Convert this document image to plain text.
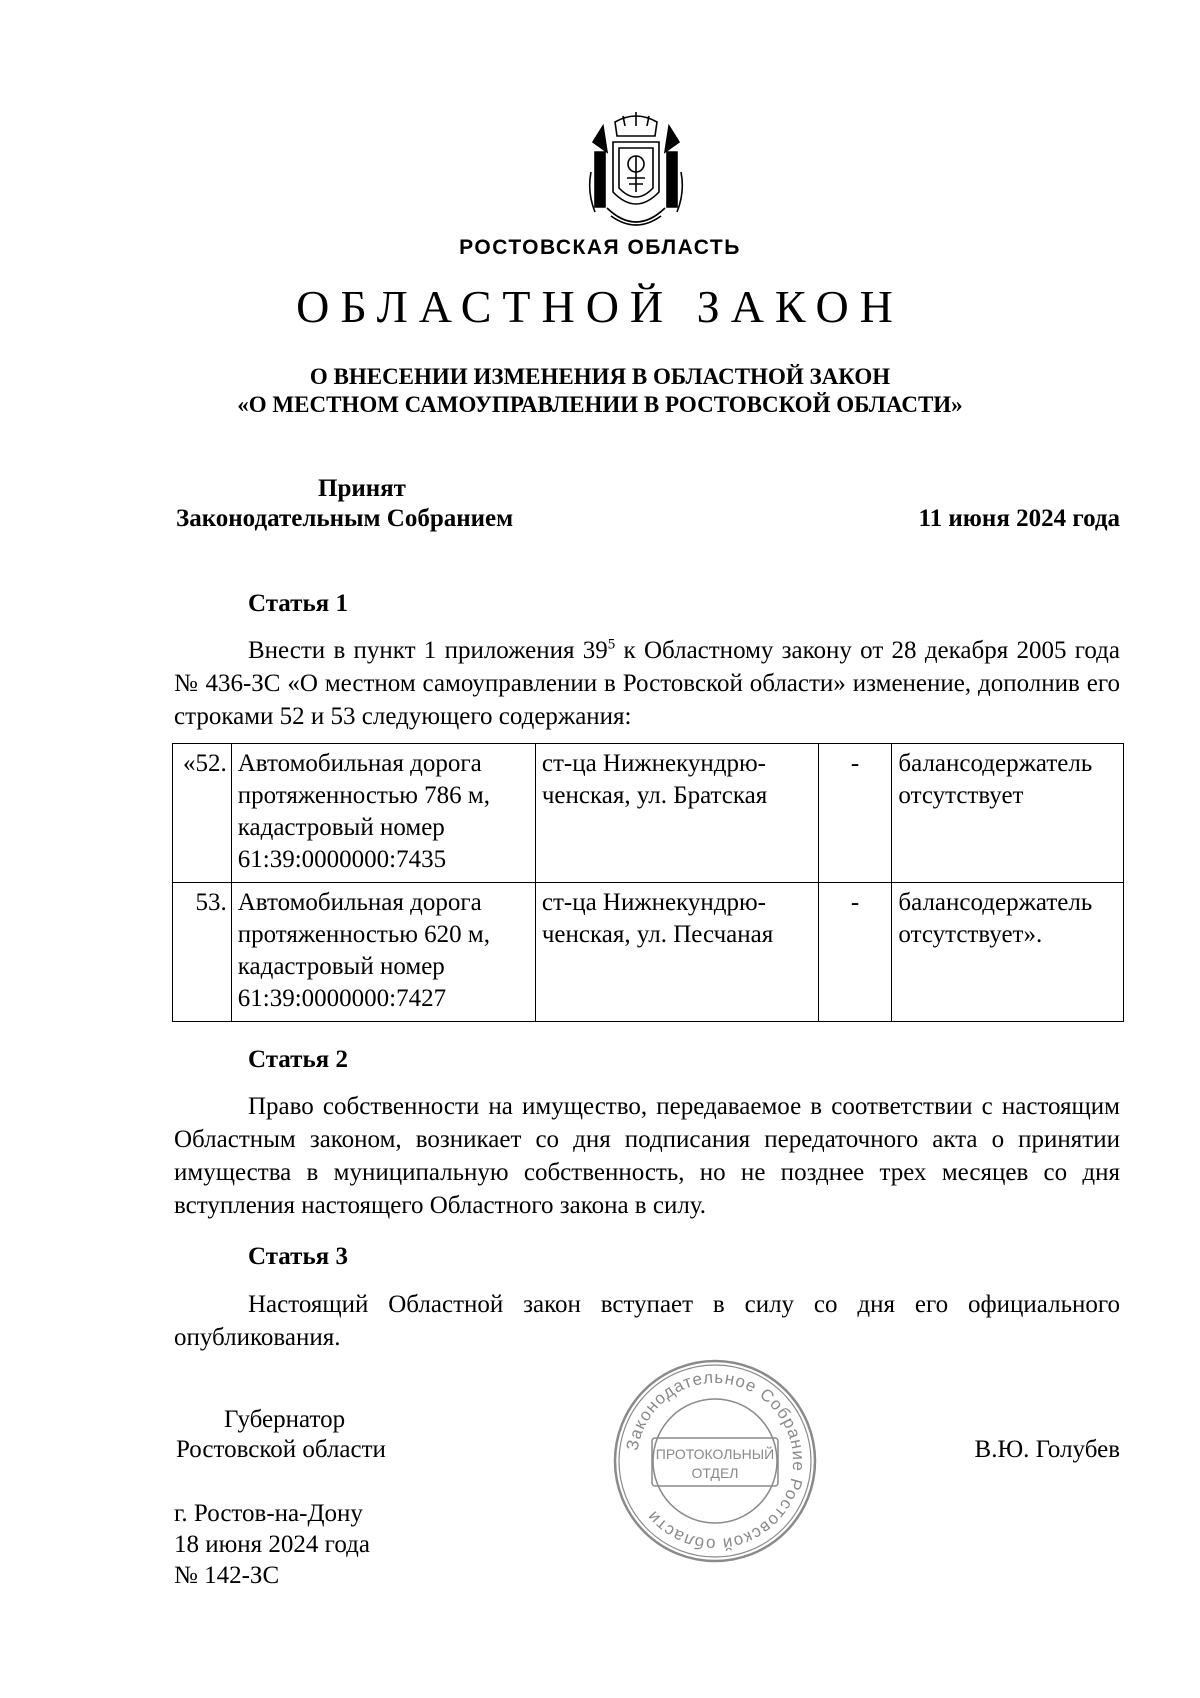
РОСТОВСКАЯ ОБЛАСТЬ
ОБЛАСТНОЙ ЗАКОН
О ВНЕСЕНИИ ИЗМЕНЕНИЯ В ОБЛАСТНОЙ ЗАКОН
«О МЕСТНОМ САМОУПРАВЛЕНИИ В РОСТОВСКОЙ ОБЛАСТИ»
Принят
Законодательным Собранием	11 июня 2024 года
Статья 1

Внести в пункт 1 приложения $39^5$ к Областному закону от 28 декабря 2005 года № 436-ЗС «О местном самоуправлении в Ростовской области» изменение, дополнив его строками 52 и 53 следующего содержания:

«52.	Автомобильная дорога протяженностью 786 м, кадастровый номер 61:39:0000000:7435	ст-ца Нижнекундрю-ченская, ул. Братская	-	балансодержатель отсутствует
53.	Автомобильная дорога протяженностью 620 м, кадастровый номер 61:39:0000000:7427	ст-ца Нижнекундрю-ченская, ул. Песчаная	-	балансодержатель отсутствует».
Статья 2

Право собственности на имущество, передаваемое в соответствии с настоящим Областным законом, возникает со дня подписания передаточного акта о принятии имущества в муниципальную собственность, но не позднее трех месяцев со дня вступления настоящего Областного закона в силу.

Статья 3

Настоящий Областной закон вступает в силу со дня его официального опубликования.

Губернатор
Ростовской области	В.Ю. Голубев
г. Ростов-на-Дону
18 июня 2024 года
№ 142-ЗС
Законодательное Собрание Ростовской области
ПРОТОКОЛЬНЫЙ
ОТДЕЛ
